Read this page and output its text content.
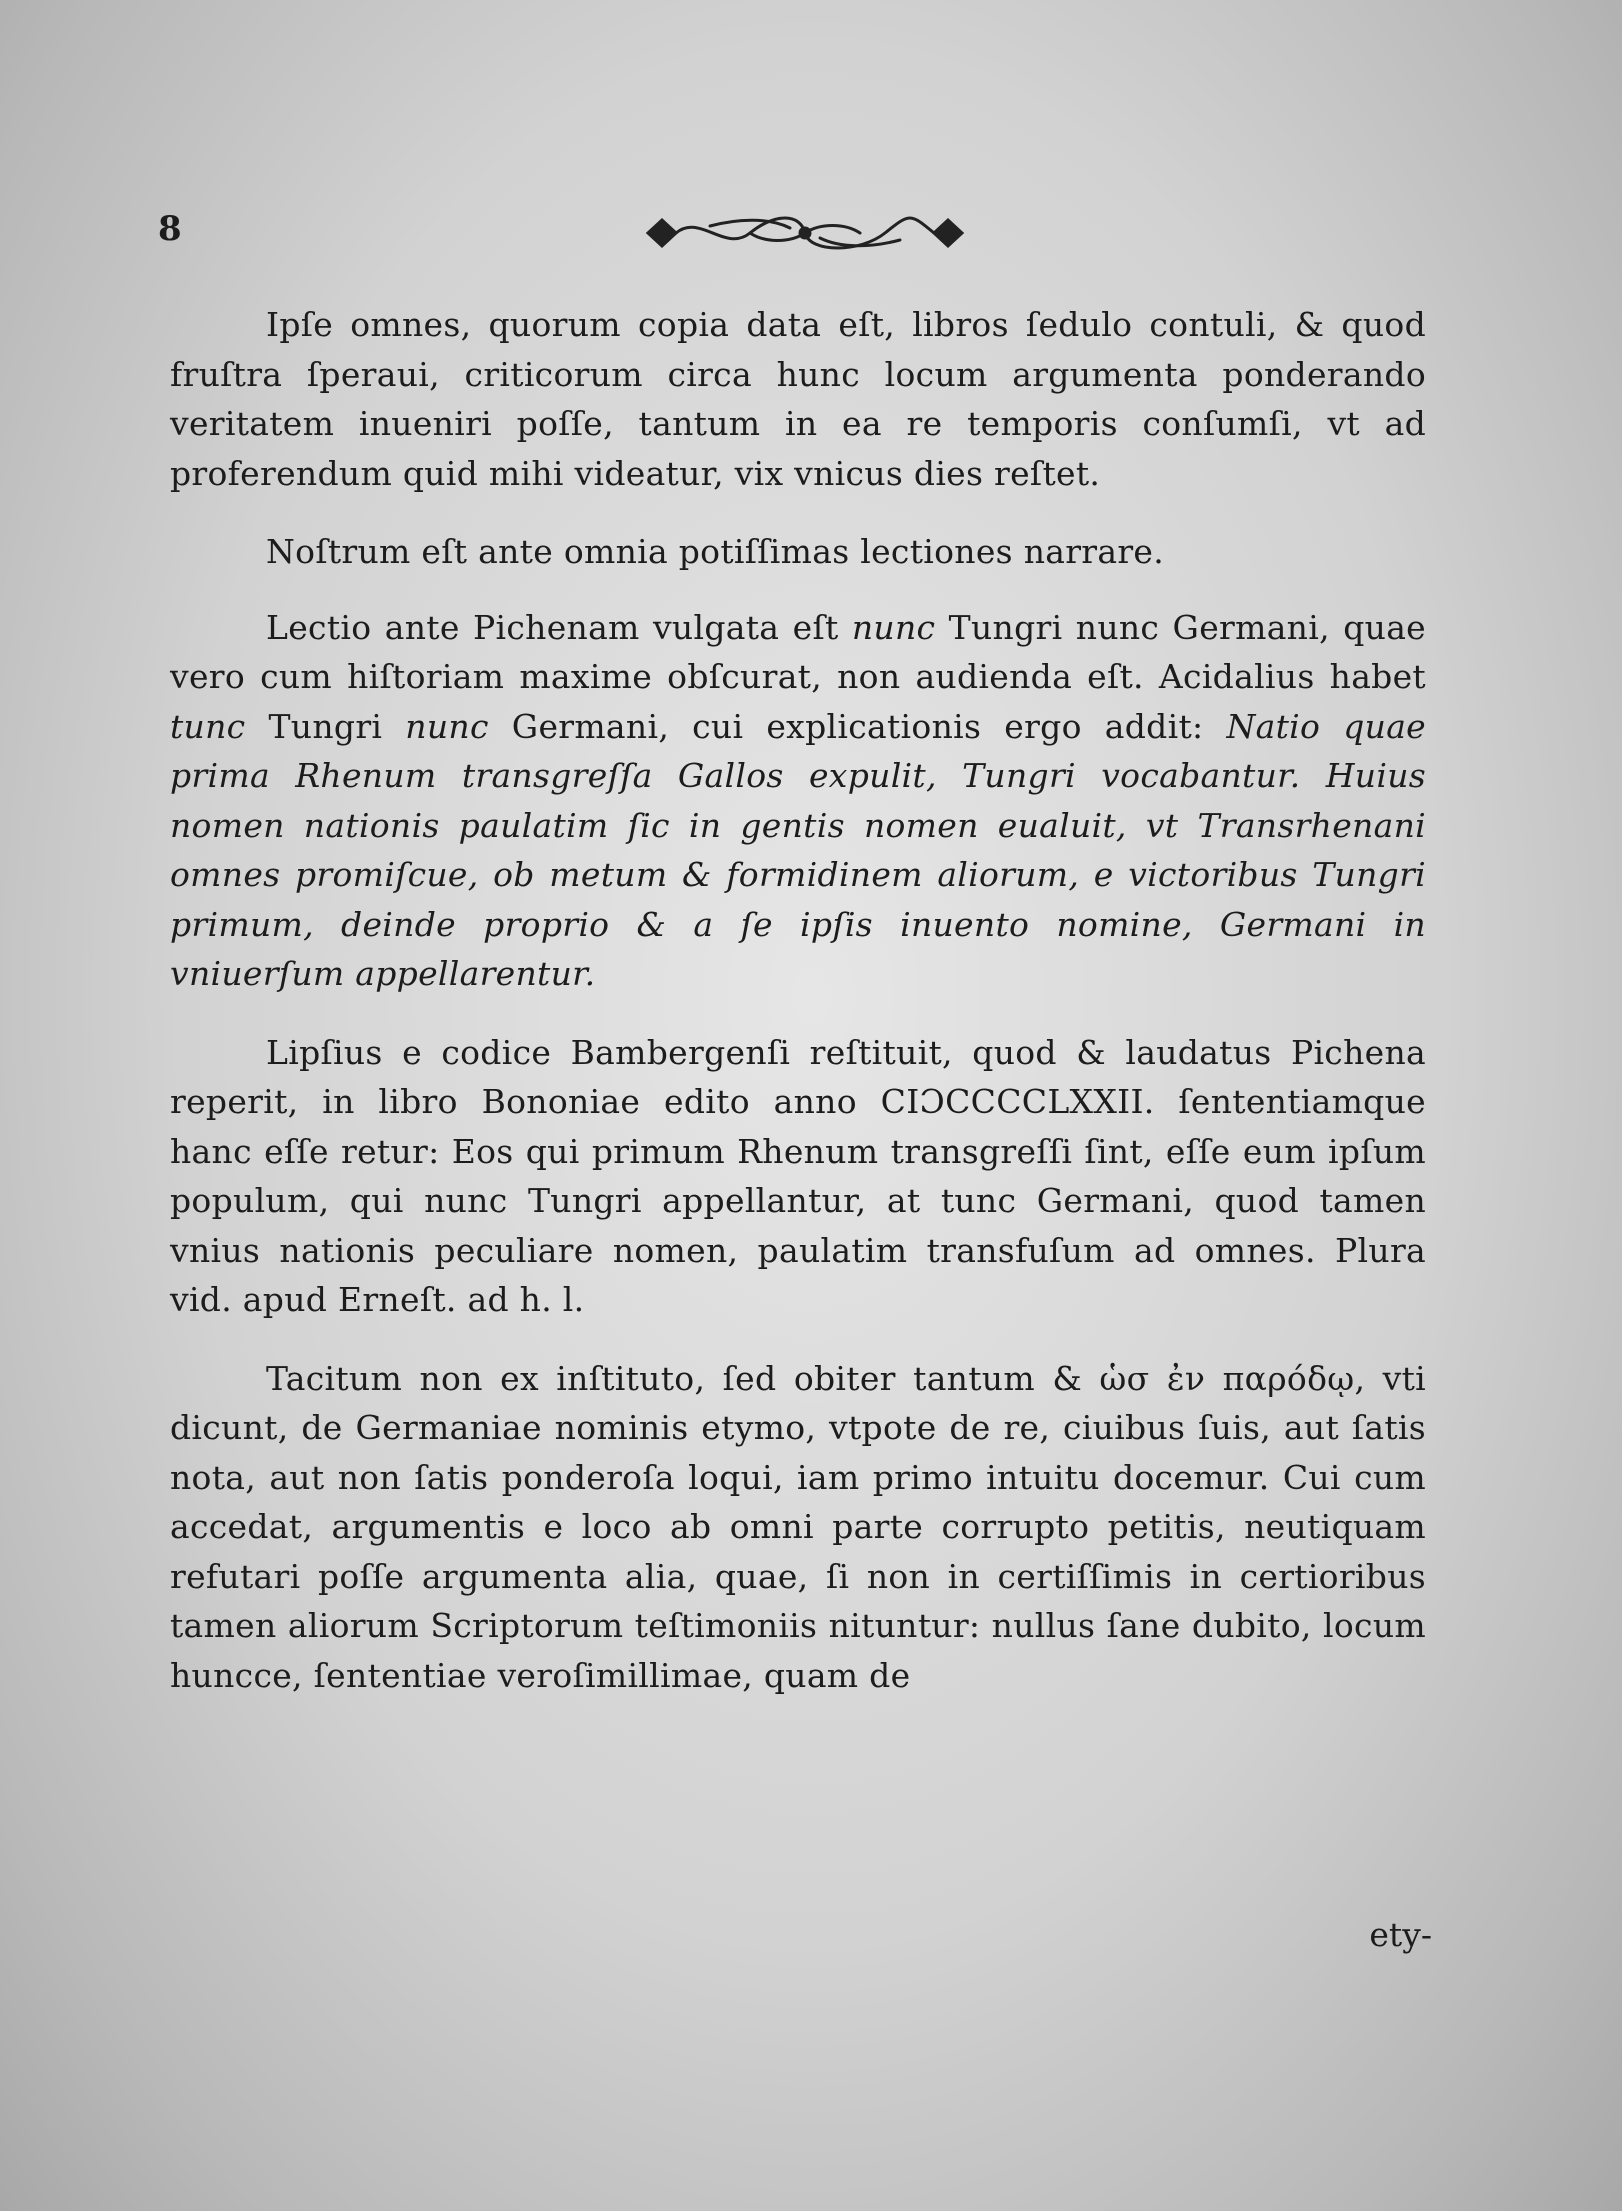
8

Ipſe omnes, quorum copia data eſt, libros ſedulo contuli, & quod fruſtra ſperaui, criticorum circa hunc locum argumenta ponderando veritatem inueniri poſſe, tantum in ea re temporis conſumſi, vt ad proferendum quid mihi videatur, vix vnicus dies reſtet.

Noſtrum eſt ante omnia potiſſimas lectiones narrare.

Lectio ante Pichenam vulgata eſt nunc Tungri nunc Germani, quae vero cum hiſtoriam maxime obſcurat, non audienda eſt. Acidalius habet tunc Tungri nunc Germani, cui explicationis ergo addit: Natio quae prima Rhenum transgreſſa Gallos expulit, Tungri vocabantur. Huius nomen nationis paulatim ſic in gentis nomen eualuit, vt Transrhenani omnes promiſcue, ob metum & formidinem aliorum, e victoribus Tungri primum, deinde proprio & a ſe ipſis inuento nomine, Germani in vniuerſum appellarentur.

Lipſius e codice Bambergenſi reſtituit, quod & laudatus Pichena reperit, in libro Bononiae edito anno CIƆCCCCLXXII. ſententiamque hanc eſſe retur: Eos qui primum Rhenum transgreſſi ſint, eſſe eum ipſum populum, qui nunc Tungri appellantur, at tunc Germani, quod tamen vnius nationis peculiare nomen, paulatim transfuſum ad omnes. Plura vid. apud Erneſt. ad h. l.

Tacitum non ex inſtituto, ſed obiter tantum & ὡσ ἐν παρόδῳ, vti dicunt, de Germaniae nominis etymo, vtpote de re, ciuibus ſuis, aut ſatis nota, aut non ſatis ponderoſa loqui, iam primo intuitu docemur. Cui cum accedat, argumentis e loco ab omni parte corrupto petitis, neutiquam refutari poſſe argumenta alia, quae, ſi non in certiſſimis in certioribus tamen aliorum Scriptorum teſtimoniis nituntur: nullus ſane dubito, locum huncce, ſententiae veroſimillimae, quam de

ety-
